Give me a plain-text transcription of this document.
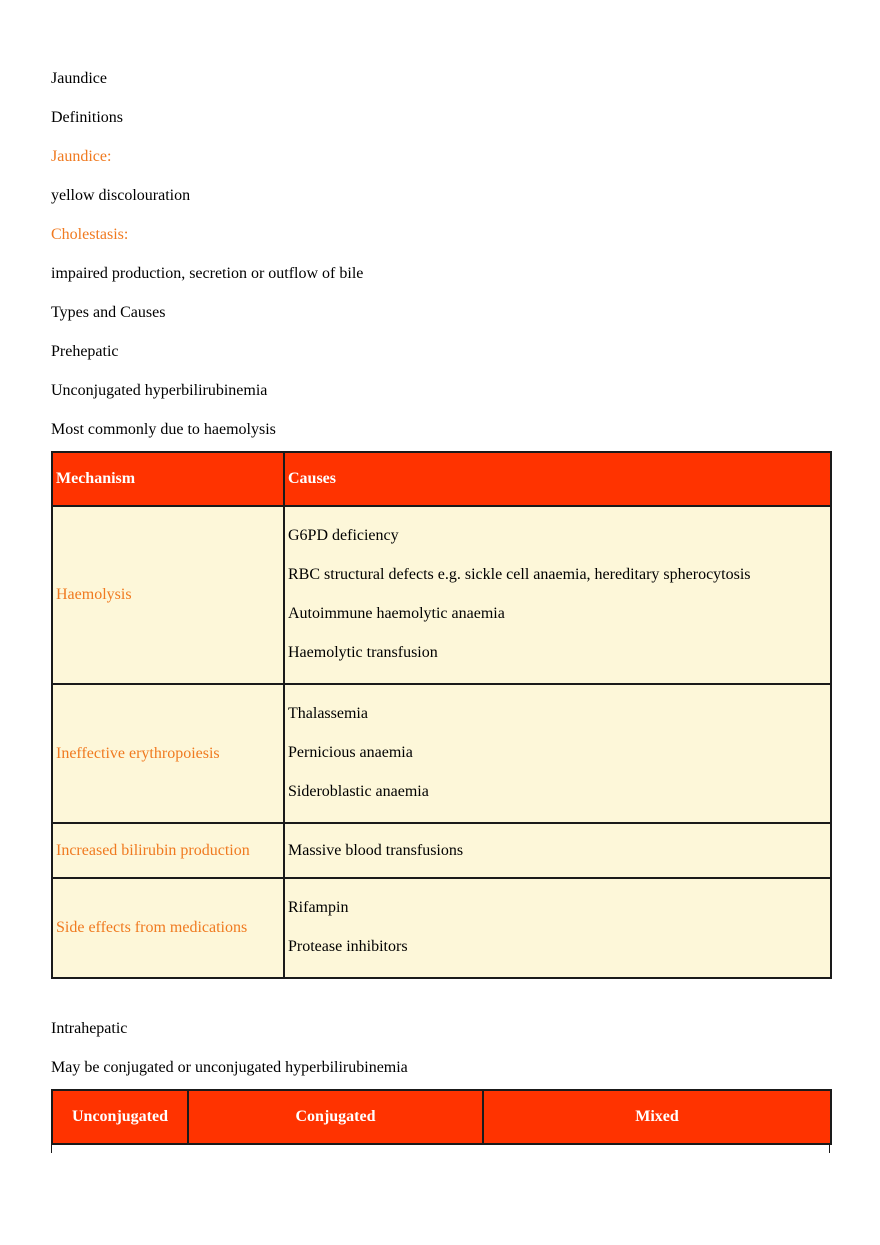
Jaundice
Definitions
Jaundice:
yellow discolouration
Cholestasis:
impaired production, secretion or outflow of bile
Types and Causes
Prehepatic
Unconjugated hyperbilirubinemia
Most commonly due to haemolysis
Mechanism	Causes
Haemolysis	G6PD deficiency

RBC structural defects e.g. sickle cell anaemia, hereditary spherocytosis

Autoimmune haemolytic anaemia

Haemolytic transfusion

Ineffective erythropoiesis	Thalassemia

Pernicious anaemia

Sideroblastic anaemia

Increased bilirubin production	Massive blood transfusions
Side effects from medications	Rifampin

Protease inhibitors

Intrahepatic
May be conjugated or unconjugated hyperbilirubinemia
Unconjugated	Conjugated	Mixed
